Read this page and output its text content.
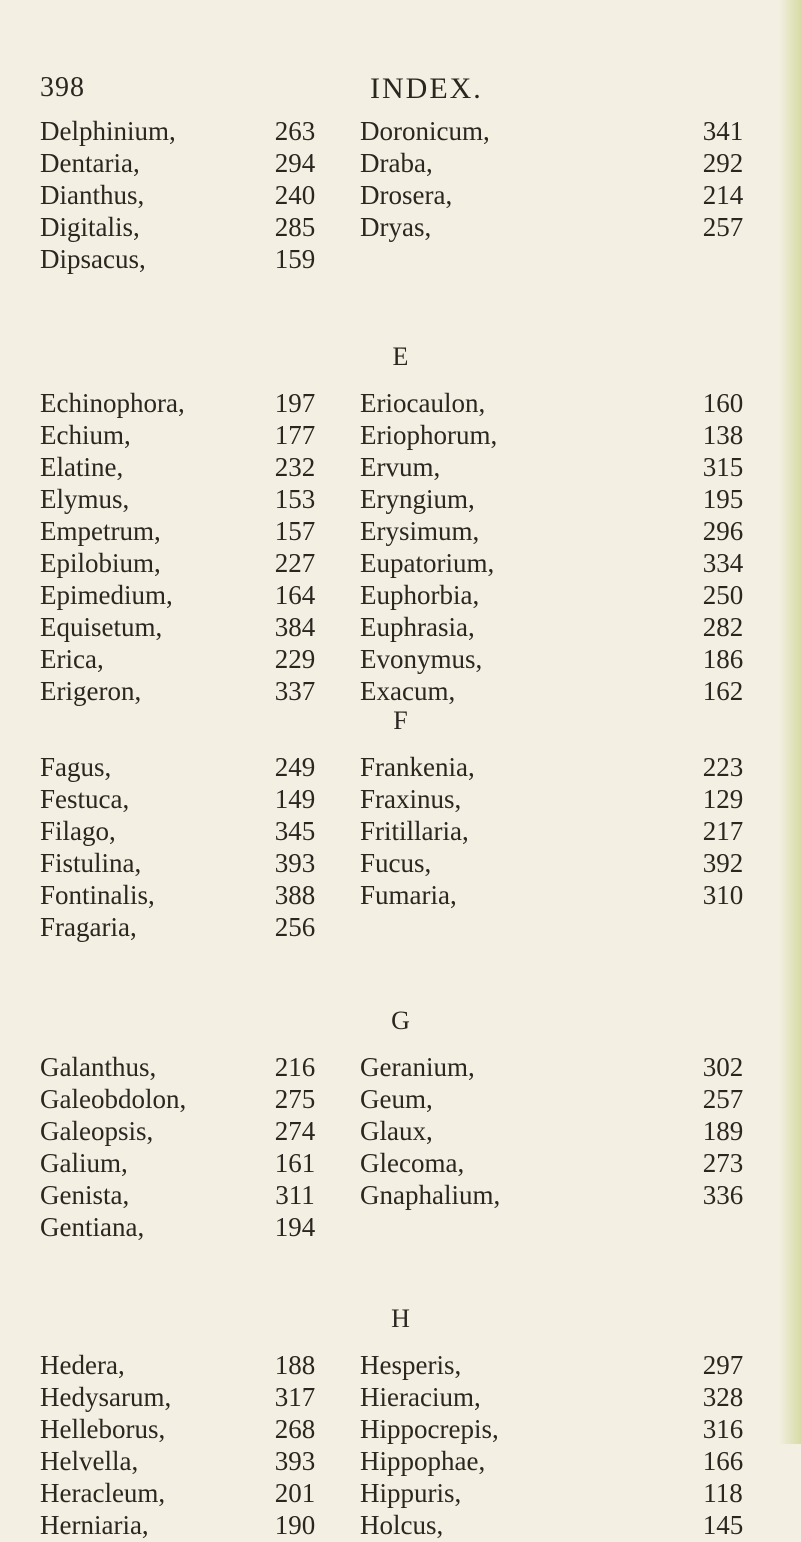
398	INDEX.
Delphinium,	263	Doronicum,	341
Dentaria,	294	Draba,	292
Dianthus,	240	Drosera,	214
Digitalis,	285	Dryas,	257
Dipsacus,	159
E
Echinophora,	197	Eriocaulon,	160
Echium,	177	Eriophorum,	138
Elatine,	232	Ervum,	315
Elymus,	153	Eryngium,	195
Empetrum,	157	Erysimum,	296
Epilobium,	227	Eupatorium,	334
Epimedium,	164	Euphorbia,	250
Equisetum,	384	Euphrasia,	282
Erica,	229	Evonymus,	186
Erigeron,	337	Exacum,	162
F
Fagus,	249	Frankenia,	223
Festuca,	149	Fraxinus,	129
Filago,	345	Fritillaria,	217
Fistulina,	393	Fucus,	392
Fontinalis,	388	Fumaria,	310
Fragaria,	256
G
Galanthus,	216	Geranium,	302
Galeobdolon,	275	Geum,	257
Galeopsis,	274	Glaux,	189
Galium,	161	Glecoma,	273
Genista,	311	Gnaphalium,	336
Gentiana,	194
H
Hedera,	188	Hesperis,	297
Hedysarum,	317	Hieracium,	328
Helleborus,	268	Hippocrepis,	316
Helvella,	393	Hippophae,	166
Heracleum,	201	Hippuris,	118
Herniaria,	190	Holcus,	145
